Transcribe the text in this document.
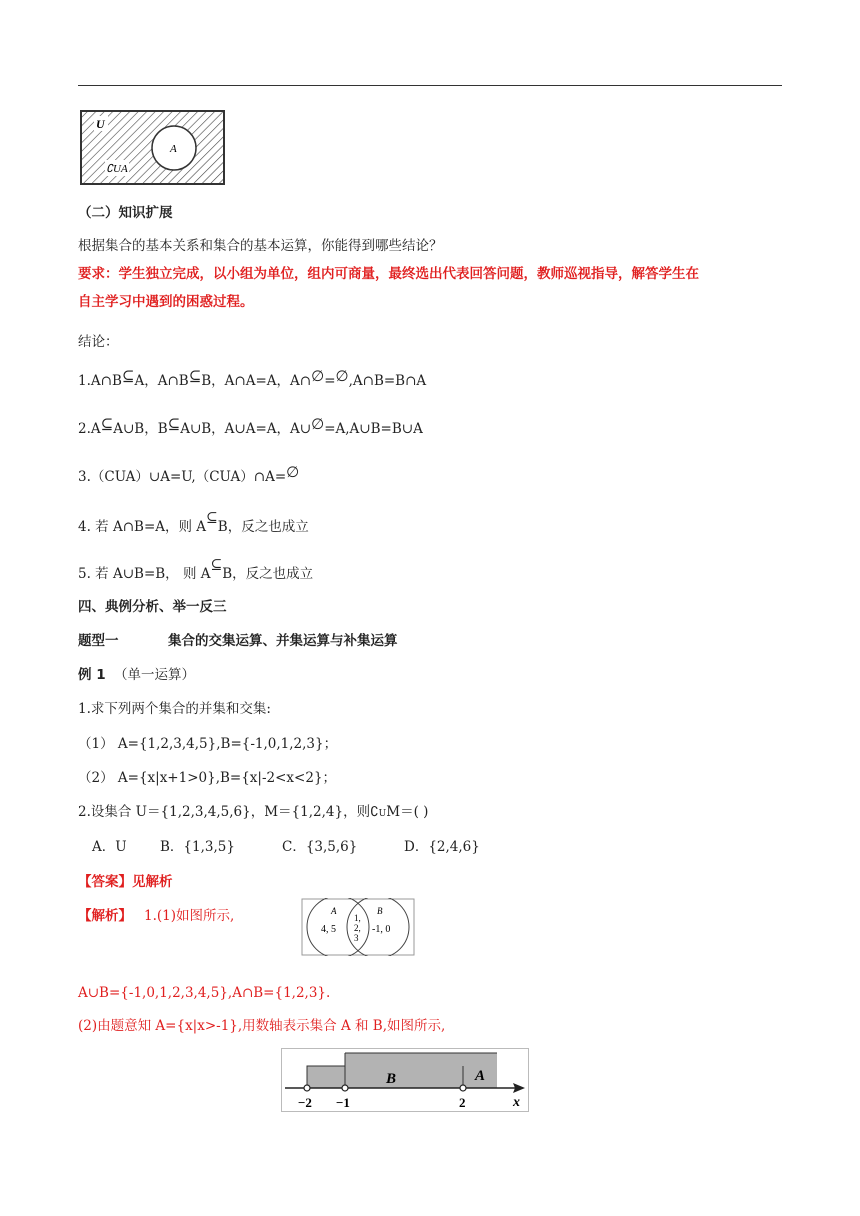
U
A
∁UA
（二）知识扩展
根据集合的基本关系和集合的基本运算，你能得到哪些结论？
要求：学生独立完成，以小组为单位，组内可商量，最终选出代表回答问题，教师巡视指导，解答学生在
自主学习中遇到的困惑过程。
结论：
1.A∩B⊆A，A∩B⊆B，A∩A=A，A∩∅=∅,A∩B=B∩A
2.A⊆A∪B，B⊆A∪B，A∪A=A，A∪∅=A,A∪B=B∪A
3.（CUA）∪A=U,（CUA）∩A=∅
4. 若 A∩B=A，则 A⊆B，反之也成立
5. 若 A∪B=B， 则 A⊆B，反之也成立
四、典例分析、举一反三
题型一	集合的交集运算、并集运算与补集运算
例 1 （单一运算）
1.求下列两个集合的并集和交集:
（1） A={1,2,3,4,5},B={-1,0,1,2,3}；
（2） A={x|x+1>0},B={x|-2<x<2}；
2.设集合 U＝{1,2,3,4,5,6}，M＝{1,2,4}，则∁UM＝( )
A．U B．{1,3,5}	C．{3,5,6}	D．{2,4,6}
【答案】见解析
【解析】 1.(1)如图所示,	A	B
4, 5
1,
2,
3
-1, 0
A∪B={-1,0,1,2,3,4,5},A∩B={1,2,3}.
(2)由题意知 A={x|x>-1},用数轴表示集合 A 和 B,如图所示,
B	A
−2 −1	2	x
